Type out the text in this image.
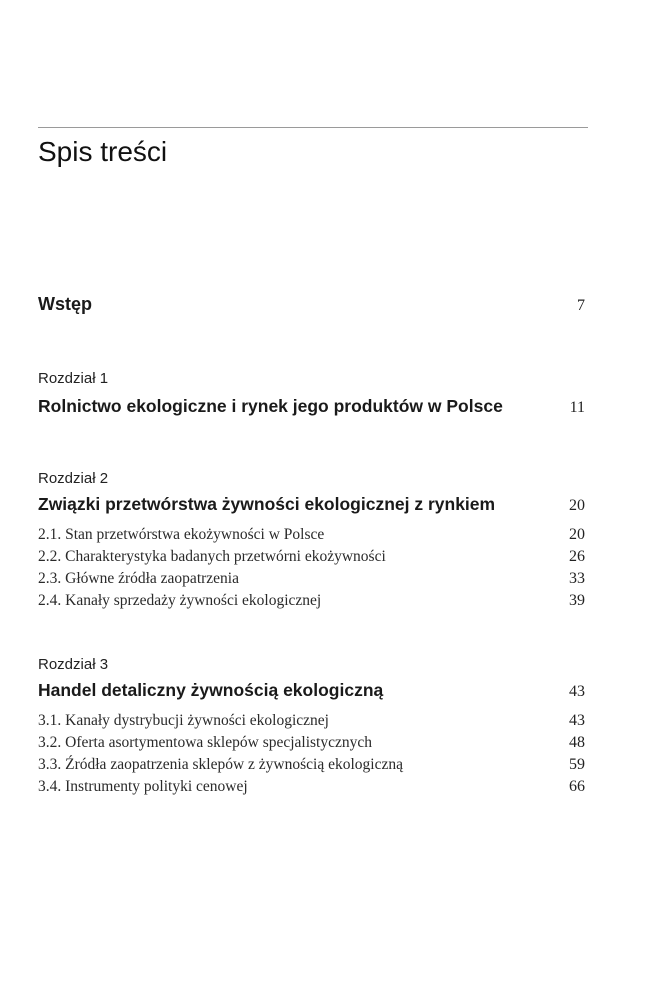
Spis treści
Wstęp	7
Rozdział 1
Rolnictwo ekologiczne i rynek jego produktów w Polsce	11
Rozdział 2
Związki przetwórstwa żywności ekologicznej z rynkiem	20
2.1. Stan przetwórstwa ekożywności w Polsce	20
2.2. Charakterystyka badanych przetwórni ekożywności	26
2.3. Główne źródła zaopatrzenia	33
2.4. Kanały sprzedaży żywności ekologicznej	39
Rozdział 3
Handel detaliczny żywnością ekologiczną	43
3.1. Kanały dystrybucji żywności ekologicznej	43
3.2. Oferta asortymentowa sklepów specjalistycznych	48
3.3. Źródła zaopatrzenia sklepów z żywnością ekologiczną	59
3.4. Instrumenty polityki cenowej	66
